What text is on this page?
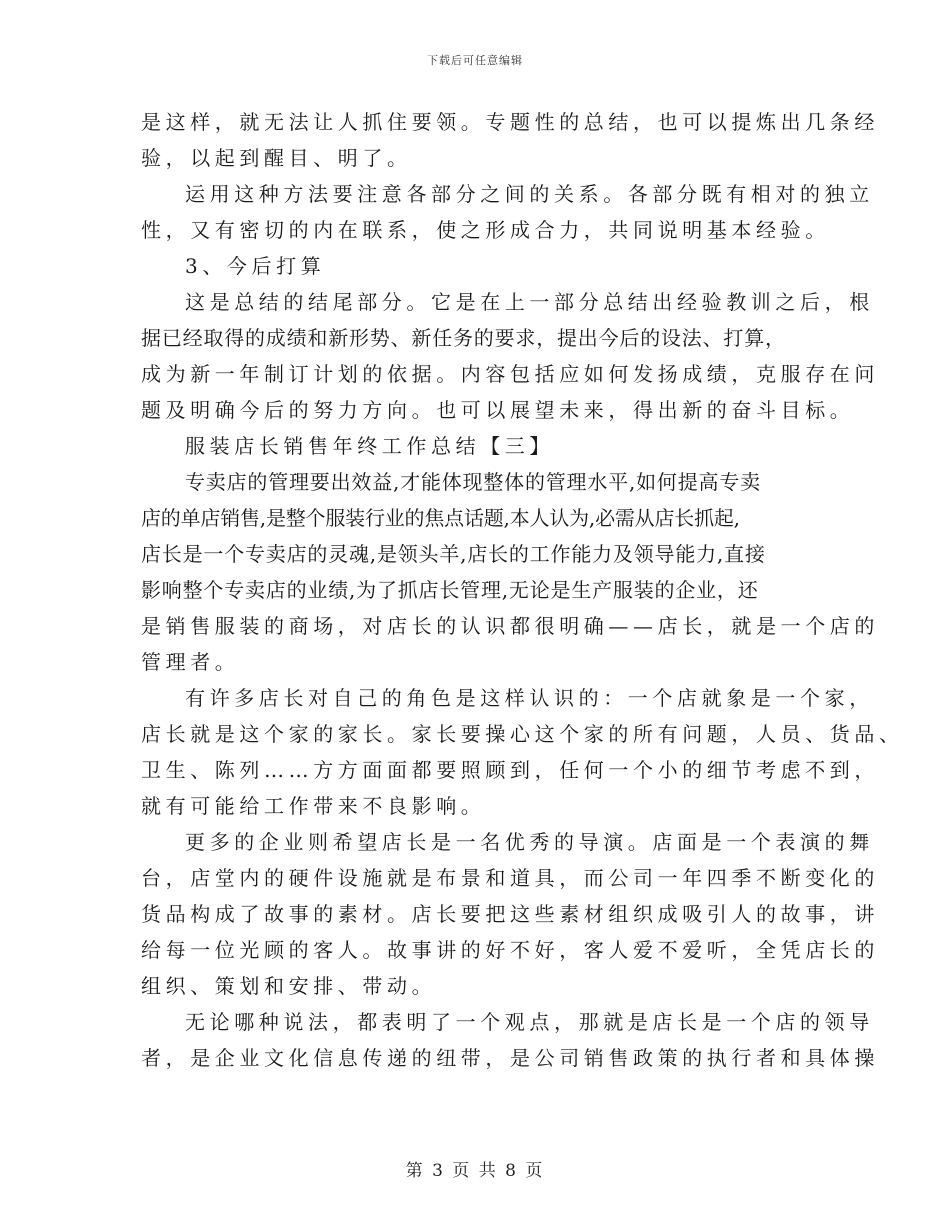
下载后可任意编辑
是这样，就无法让人抓住要领。专题性的总结，也可以提炼出几条经
验，以起到醒目、明了。
运用这种方法要注意各部分之间的关系。各部分既有相对的独立
性，又有密切的内在联系，使之形成合力，共同说明基本经验。
3、今后打算
这是总结的结尾部分。它是在上一部分总结出经验教训之后，根
据已经取得的成绩和新形势、新任务的要求，提出今后的设法、打算，
成为新一年制订计划的依据。内容包括应如何发扬成绩，克服存在问
题及明确今后的努力方向。也可以展望未来，得出新的奋斗目标。
服装店长销售年终工作总结【三】
专卖店的管理要出效益,才能体现整体的管理水平,如何提高专卖
店的单店销售,是整个服装行业的焦点话题,本人认为,必需从店长抓起,
店长是一个专卖店的灵魂,是领头羊,店长的工作能力及领导能力,直接
影响整个专卖店的业绩,为了抓店长管理,无论是生产服装的企业，还
是销售服装的商场，对店长的认识都很明确——店长，就是一个店的
管理者。
有许多店长对自己的角色是这样认识的：一个店就象是一个家，
店长就是这个家的家长。家长要操心这个家的所有问题，人员、货品、
卫生、陈列……方方面面都要照顾到，任何一个小的细节考虑不到，
就有可能给工作带来不良影响。
更多的企业则希望店长是一名优秀的导演。店面是一个表演的舞
台，店堂内的硬件设施就是布景和道具，而公司一年四季不断变化的
货品构成了故事的素材。店长要把这些素材组织成吸引人的故事，讲
给每一位光顾的客人。故事讲的好不好，客人爱不爱听，全凭店长的
组织、策划和安排、带动。
无论哪种说法，都表明了一个观点，那就是店长是一个店的领导
者，是企业文化信息传递的纽带，是公司销售政策的执行者和具体操
第 3 页 共 8 页
